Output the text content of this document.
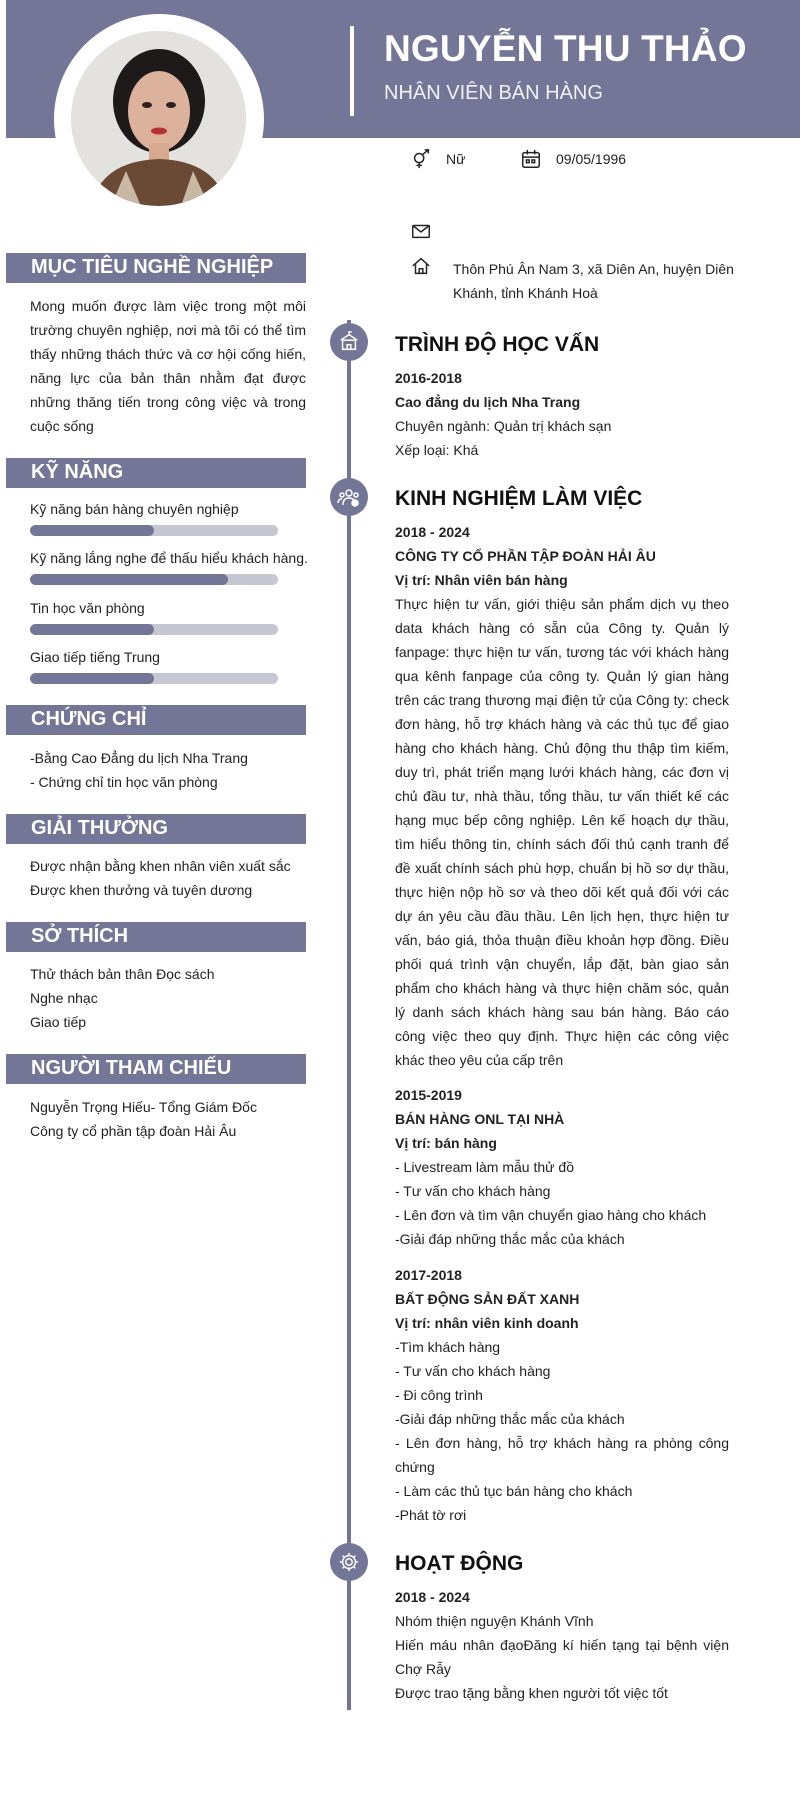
NGUYỄN THU THẢO
NHÂN VIÊN BÁN HÀNG
Nữ	09/05/1996
Thôn Phú Ân Nam 3, xã Diên An, huyện Diên Khánh, tỉnh Khánh Hoà
MỤC TIÊU NGHỀ NGHIỆP
Mong muốn được làm việc trong một môi trường chuyên nghiệp, nơi mà tôi có thể tìm thấy những thách thức và cơ hội cống hiến, năng lực của bản thân nhằm đạt được những thăng tiến trong công việc và trong cuộc sống
KỸ NĂNG
Kỹ năng bán hàng chuyên nghiệp
Kỹ năng lắng nghe để thấu hiểu khách hàng.
Tin học văn phòng
Giao tiếp tiếng Trung
CHỨNG CHỈ
-Bằng Cao Đẳng du lịch Nha Trang
- Chứng chỉ tin học văn phòng
GIẢI THƯỞNG
Được nhận bằng khen nhân viên xuất sắc
Được khen thưởng và tuyên dương
SỞ THÍCH
Thử thách bản thân Đọc sách
Nghe nhạc
Giao tiếp
NGƯỜI THAM CHIẾU
Nguyễn Trọng Hiếu- Tổng Giám Đốc
Công ty cổ phần tập đoàn Hải Âu
TRÌNH ĐỘ HỌC VẤN
2016-2018
Cao đẳng du lịch Nha Trang
Chuyên ngành: Quản trị khách sạn
Xếp loại: Khá
KINH NGHIỆM LÀM VIỆC
2018 - 2024
CÔNG TY CỔ PHẦN TẬP ĐOÀN HẢI ÂU
Vị trí: Nhân viên bán hàng
Thực hiện tư vấn, giới thiệu sản phẩm dịch vụ theo data khách hàng có sẵn của Công ty. Quản lý fanpage: thực hiện tư vấn, tương tác với khách hàng qua kênh fanpage của công ty. Quản lý gian hàng trên các trang thương mại điện tử của Công ty: check đơn hàng, hỗ trợ khách hàng và các thủ tục để giao hàng cho khách hàng. Chủ động thu thập tìm kiếm, duy trì, phát triển mạng lưới khách hàng, các đơn vị chủ đầu tư, nhà thầu, tổng thầu, tư vấn thiết kế các hạng mục bếp công nghiệp. Lên kế hoạch dự thầu, tìm hiểu thông tin, chính sách đối thủ cạnh tranh để đề xuất chính sách phù hợp, chuẩn bị hồ sơ dự thầu, thực hiện nộp hồ sơ và theo dõi kết quả đối với các dự án yêu cầu đầu thầu. Lên lịch hẹn, thực hiện tư vấn, báo giá, thỏa thuận điều khoản hợp đồng. Điều phối quá trình vận chuyển, lắp đặt, bàn giao sản phẩm cho khách hàng và thực hiện chăm sóc, quản lý danh sách khách hàng sau bán hàng. Báo cáo công việc theo quy định. Thực hiện các công việc khác theo yêu của cấp trên
2015-2019
BÁN HÀNG ONL TẠI NHÀ
Vị trí: bán hàng
- Livestream làm mẫu thử đồ
- Tư vấn cho khách hàng
- Lên đơn và tìm vận chuyển giao hàng cho khách
-Giải đáp những thắc mắc của khách
2017-2018
BẤT ĐỘNG SẢN ĐẤT XANH
Vị trí: nhân viên kinh doanh
-Tìm khách hàng
- Tư vấn cho khách hàng
- Đi công trình
-Giải đáp những thắc mắc của khách
- Lên đơn hàng, hỗ trợ khách hàng ra phòng công chứng
- Làm các thủ tục bán hàng cho khách
-Phát tờ rơi
HOẠT ĐỘNG
2018 - 2024
Nhóm thiện nguyện Khánh Vĩnh
Hiến máu nhân đạoĐăng kí hiến tạng tại bệnh viện Chợ Rẫy
Được trao tặng bằng khen người tốt việc tốt
